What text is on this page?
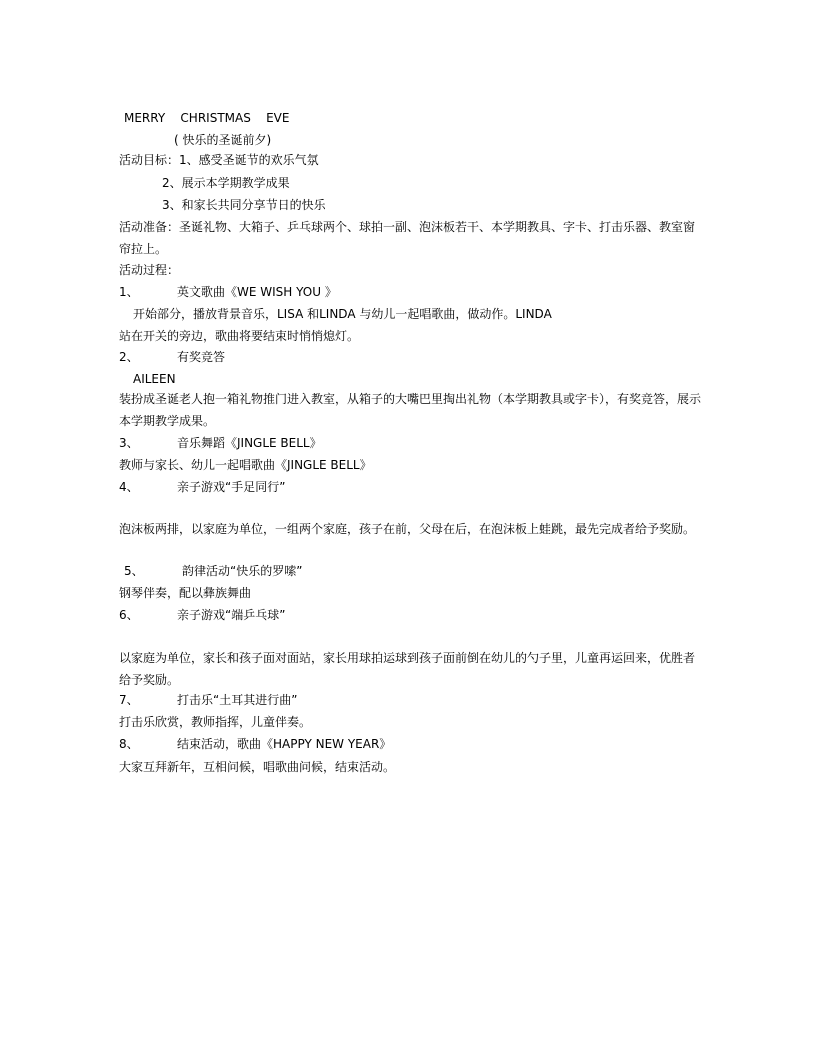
MERRY    CHRISTMAS    EVE
( 快乐的圣诞前夕)
活动目标：1、感受圣诞节的欢乐气氛
2、展示本学期教学成果
3、和家长共同分享节日的快乐
活动准备：圣诞礼物、大箱子、乒乓球两个、球拍一副、泡沫板若干、本学期教具、字卡、打击乐器、教室窗帘拉上。
活动过程：
1、	英文歌曲《WE WISH YOU 》
开始部分，播放背景音乐，LISA 和LINDA 与幼儿一起唱歌曲，做动作。LINDA
站在开关的旁边，歌曲将要结束时悄悄熄灯。
2、	有奖竞答
AILEEN
装扮成圣诞老人抱一箱礼物推门进入教室，从箱子的大嘴巴里掏出礼物（本学期教具或字卡），有奖竞答，展示本学期教学成果。
3、	音乐舞蹈《JINGLE BELL》
教师与家长、幼儿一起唱歌曲《JINGLE BELL》
4、	亲子游戏“手足同行”
泡沫板两排，以家庭为单位，一组两个家庭，孩子在前，父母在后，在泡沫板上蛙跳，最先完成者给予奖励。
5、	韵律活动“快乐的罗嗦”
钢琴伴奏，配以彝族舞曲
6、	亲子游戏“端乒乓球”
以家庭为单位，家长和孩子面对面站，家长用球拍运球到孩子面前倒在幼儿的勺子里，儿童再运回来，优胜者给予奖励。
7、	打击乐“土耳其进行曲”
打击乐欣赏，教师指挥，儿童伴奏。
8、	结束活动，歌曲《HAPPY NEW YEAR》
大家互拜新年，互相问候，唱歌曲问候，结束活动。
